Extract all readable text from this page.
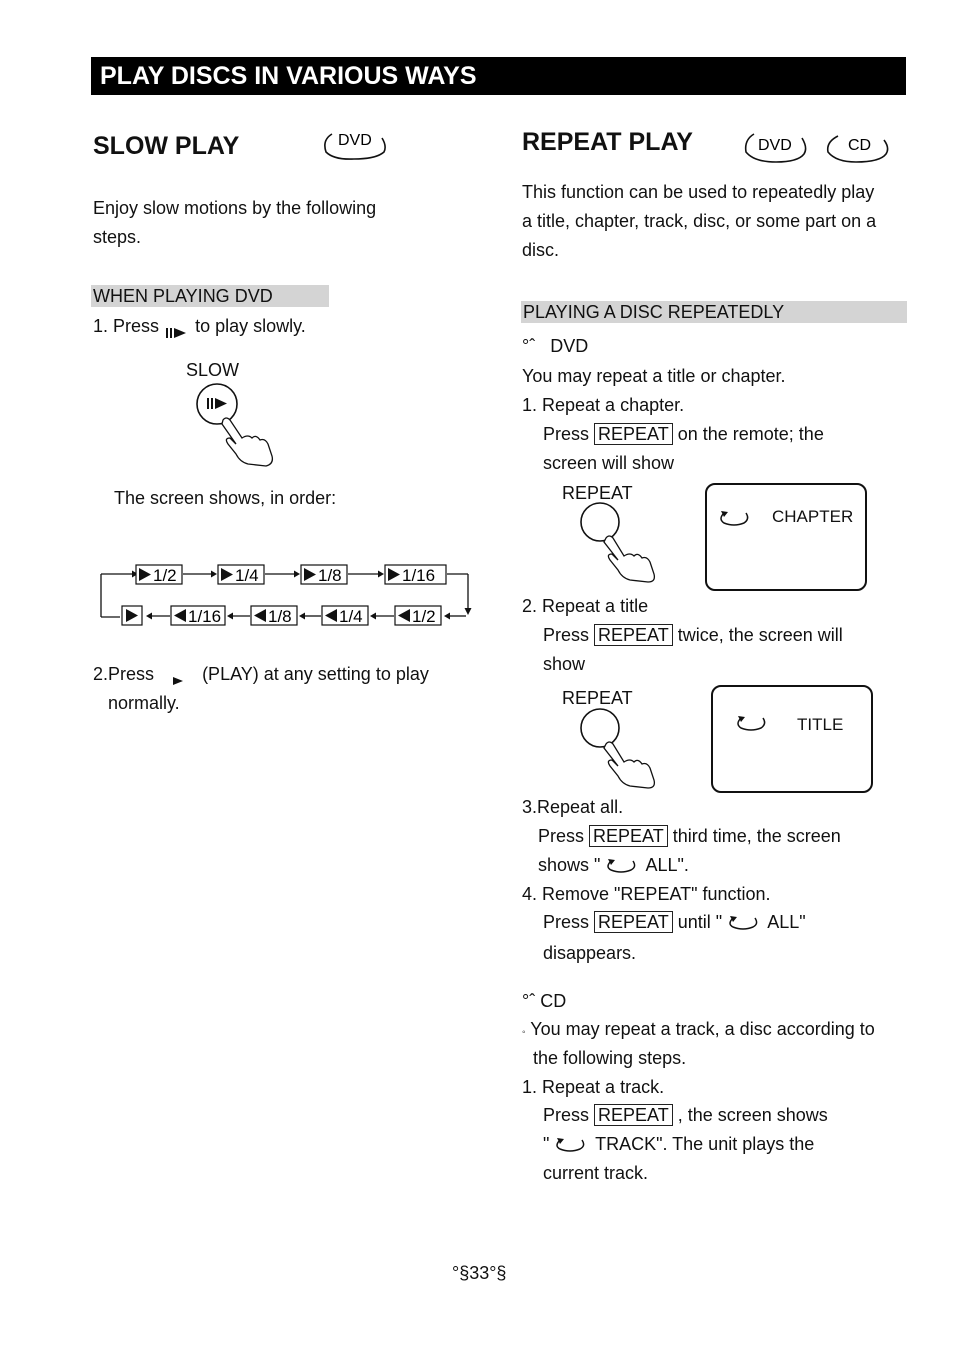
PLAY DISCS IN VARIOUS WAYS
SLOW PLAY	DVD
Enjoy slow motions by the following
steps.
WHEN PLAYING DVD
1. Press to play slowly.
SLOW
The screen shows, in order:
1/2	1/4	1/8	1/16
1/16	1/8	1/4	1/2
2.Press	(PLAY) at any setting to play
normally.
REPEAT PLAY	DVD	CD
This function can be used to repeatedly play
a title, chapter, track, disc, or some part on a
disc.
PLAYING A DISC REPEATEDLY
°ˆ DVD
You may repeat a title or chapter.
1. Repeat a chapter.
Press REPEAT on the remote; the
screen will show
REPEAT
CHAPTER
2. Repeat a title
Press REPEAT twice, the screen will
show
REPEAT
TITLE
3.Repeat all.
Press REPEAT third time, the screen
shows "	ALL".
4. Remove "REPEAT" function.
Press REPEAT until "	ALL"
disappears.
°ˆ CD
◦ You may repeat a track, a disc according to
the following steps.
1. Repeat a track.
Press REPEAT , the screen shows
"	TRACK". The unit plays the
current track.
°§33°§
